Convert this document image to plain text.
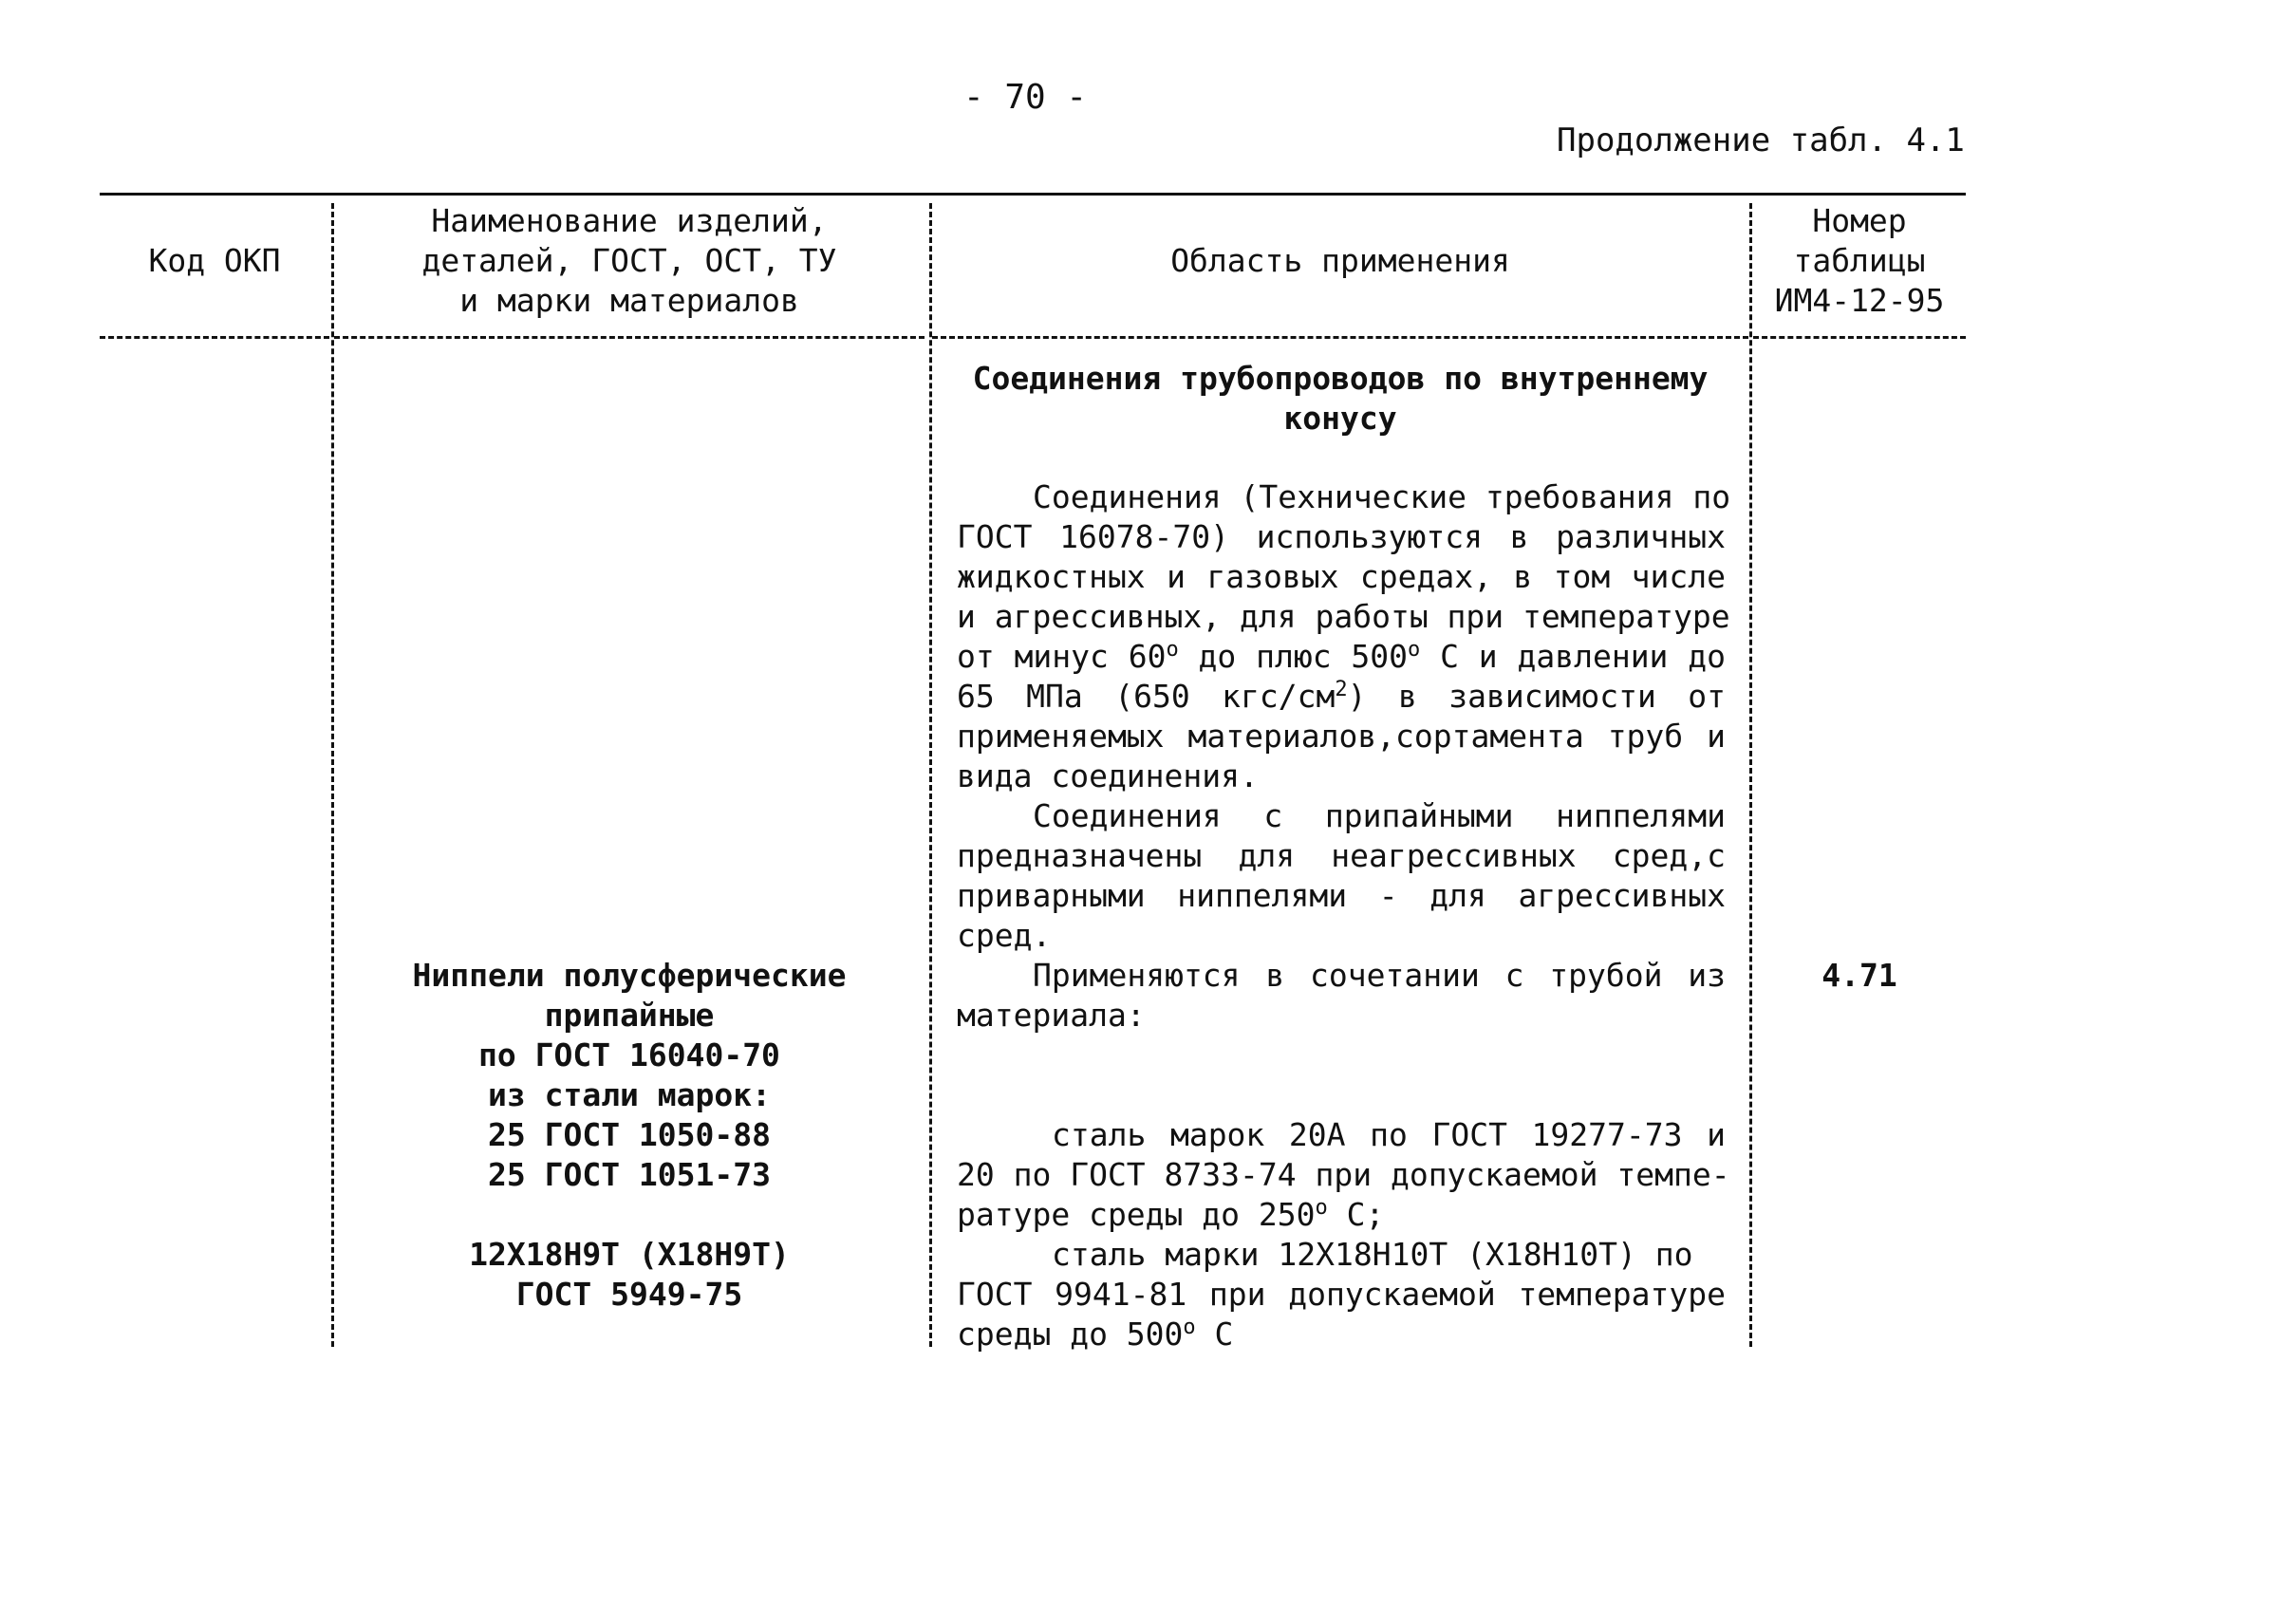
- 70 -
Продолжение табл. 4.1
Код ОКП
Наименование изделий,
деталей, ГОСТ, ОСТ, ТУ
и марки материалов
Область применения
Номер
таблицы
ИМ4-12-95
Соединения трубопроводов по внутреннему
конусу
Соединения (Технические требования по
ГОСТ 16078-70) используются в различных
жидкостных и газовых средах, в том числе
и агрессивных, для работы при температуре
от минус $60^о$ до плюс $500^о$ С и давлении до
65 МПа (650 кгс/$см^2$) в зависимости от
применяемых материалов,сортамента труб и
вида соединения.
Соединения с припайными ниппелями
предназначены для неагрессивных сред,с
приварными ниппелями - для агрессивных
сред.
Применяются в сочетании с трубой из
материала:
сталь марок 20А по ГОСТ 19277-73 и
20 по ГОСТ 8733-74 при допускаемой темпе-
ратуре среды до $250^о$ С;
сталь марки 12Х18Н10Т (Х18Н10Т) по
ГОСТ 9941-81 при допускаемой температуре
среды до $500^о$ С
Ниппели полусферические
припайные
по ГОСТ 16040-70
из стали марок:
25 ГОСТ 1050-88
25 ГОСТ 1051-73
12Х18Н9Т (Х18Н9Т)
ГОСТ 5949-75
4.71
